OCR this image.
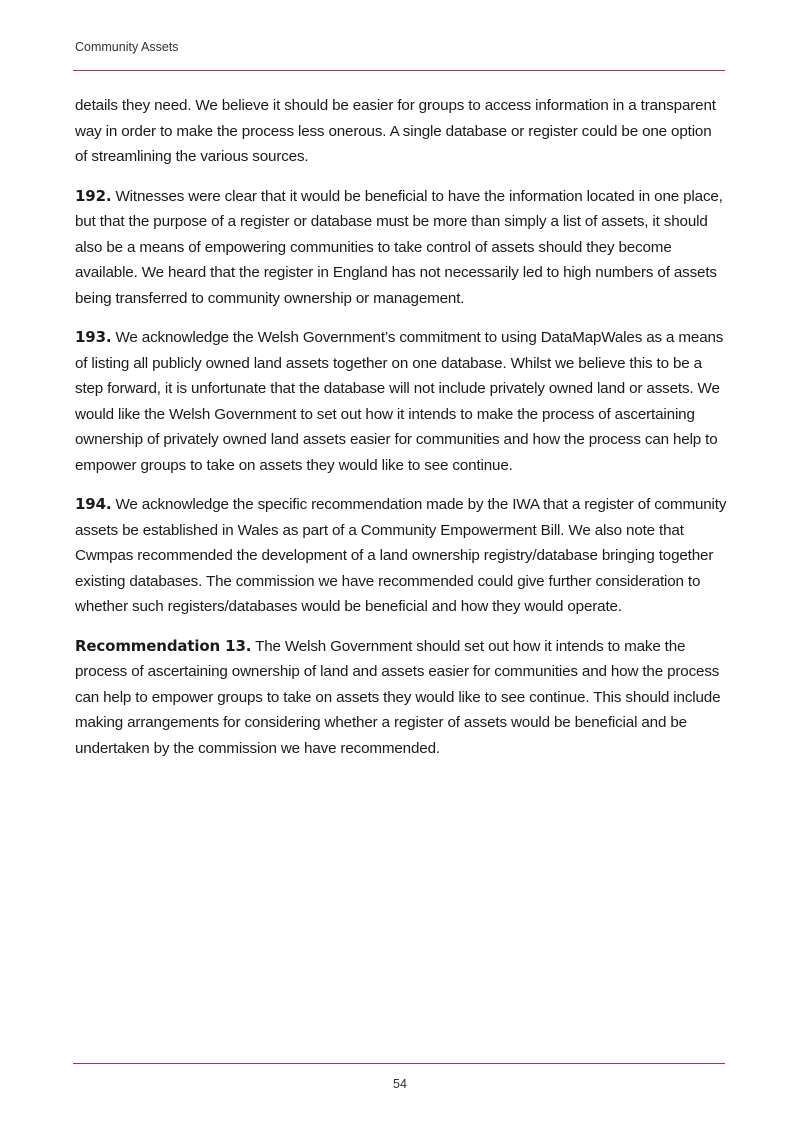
Community Assets

details they need. We believe it should be easier for groups to access information in a transparent way in order to make the process less onerous. A single database or register could be one option of streamlining the various sources.

192. Witnesses were clear that it would be beneficial to have the information located in one place, but that the purpose of a register or database must be more than simply a list of assets, it should also be a means of empowering communities to take control of assets should they become available. We heard that the register in England has not necessarily led to high numbers of assets being transferred to community ownership or management.

193. We acknowledge the Welsh Government’s commitment to using DataMapWales as a means of listing all publicly owned land assets together on one database. Whilst we believe this to be a step forward, it is unfortunate that the database will not include privately owned land or assets. We would like the Welsh Government to set out how it intends to make the process of ascertaining ownership of privately owned land assets easier for communities and how the process can help to empower groups to take on assets they would like to see continue.

194. We acknowledge the specific recommendation made by the IWA that a register of community assets be established in Wales as part of a Community Empowerment Bill. We also note that Cwmpas recommended the development of a land ownership registry/database bringing together existing databases. The commission we have recommended could give further consideration to whether such registers/databases would be beneficial and how they would operate.

Recommendation 13. The Welsh Government should set out how it intends to make the process of ascertaining ownership of land and assets easier for communities and how the process can help to empower groups to take on assets they would like to see continue. This should include making arrangements for considering whether a register of assets would be beneficial and be undertaken by the commission we have recommended.

54
